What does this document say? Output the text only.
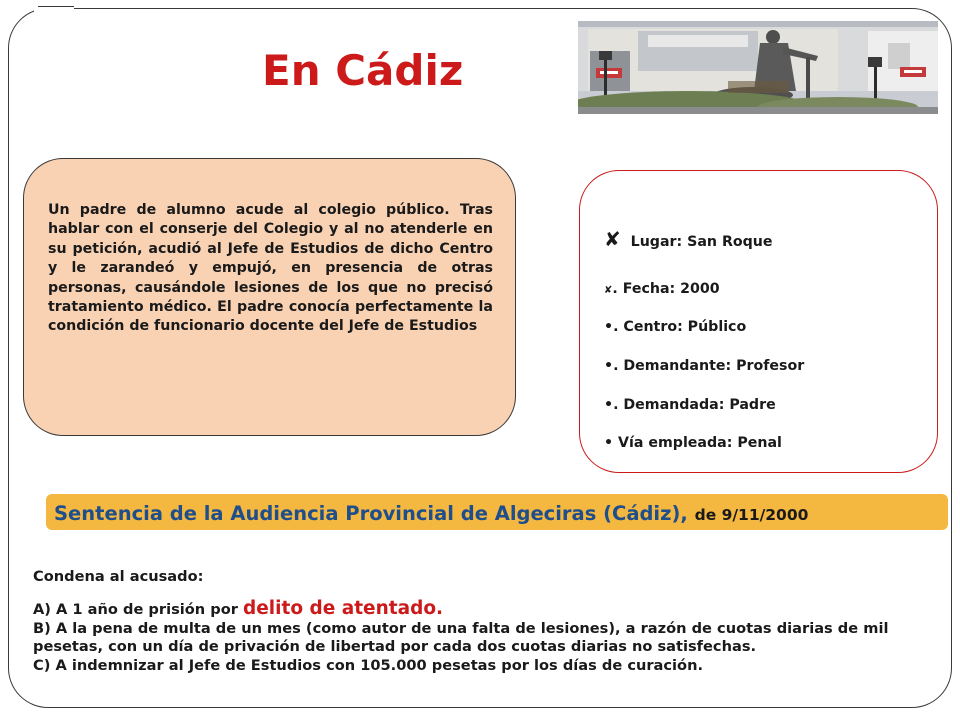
En Cádiz

Un padre de alumno acude al colegio público. Tras hablar con el conserje del Colegio y al no atenderle en su petición, acudió al Jefe de Estudios de dicho Centro y le zarandeó y empujó, en presencia de otras personas, causándole lesiones de los que no precisó tratamiento médico. El padre conocía perfectamente la condición de funcionario docente del Jefe de Estudios

✘ Lugar: San Roque
✘. Fecha: 2000
•. Centro: Público
•. Demandante: Profesor
•. Demandada: Padre
• Vía empleada: Penal
Sentencia de la Audiencia Provincial de Algeciras (Cádiz), de 9/11/2000

Condena al acusado:

A) A 1 año de prisión por delito de atentado.
B) A la pena de multa de un mes (como autor de una falta de lesiones), a razón de cuotas diarias de mil pesetas, con un día de privación de libertad por cada dos cuotas diarias no satisfechas.
C) A indemnizar al Jefe de Estudios con 105.000 pesetas por los días de curación.
